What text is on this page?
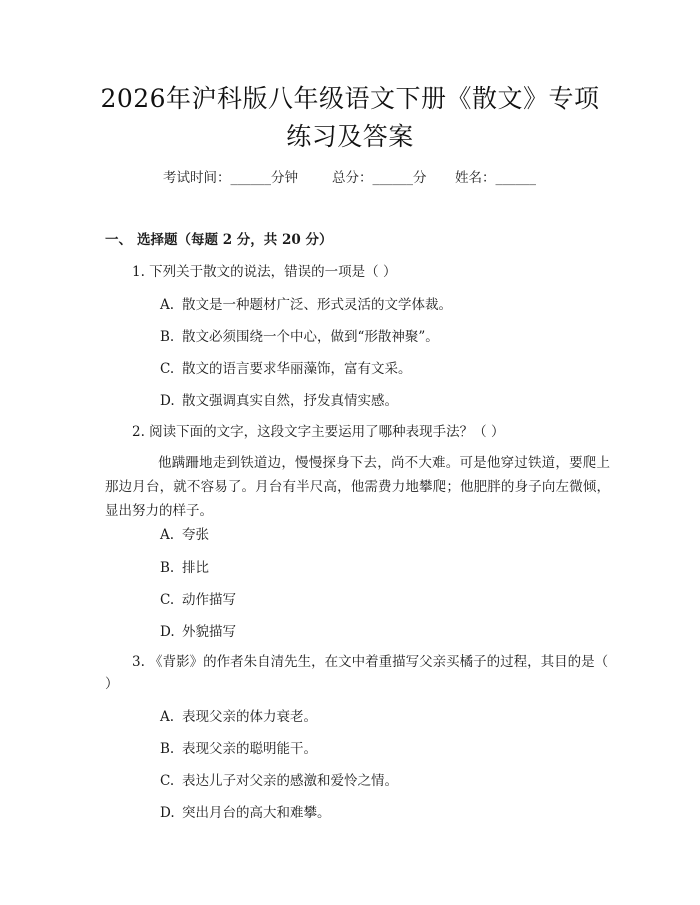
2026年沪科版八年级语文下册《散文》专项
练习及答案
考试时间：______分钟	总分：______分 姓名：______
一、 选择题（每题 2 分，共 20 分）
1. 下列关于散文的说法，错误的一项是（ ）
A. 散文是一种题材广泛、形式灵活的文学体裁。
B. 散文必须围绕一个中心，做到“形散神聚”。
C. 散文的语言要求华丽藻饰，富有文采。
D. 散文强调真实自然，抒发真情实感。
2. 阅读下面的文字，这段文字主要运用了哪种表现手法？（ ）
他蹒跚地走到铁道边，慢慢探身下去，尚不大难。可是他穿过铁道，要爬上那边月台，就不容易了。月台有半尺高，他需费力地攀爬；他肥胖的身子向左微倾，显出努力的样子。
A. 夸张
B. 排比
C. 动作描写
D. 外貌描写
3. 《背影》的作者朱自清先生，在文中着重描写父亲买橘子的过程，其目的是（ ）
A. 表现父亲的体力衰老。
B. 表现父亲的聪明能干。
C. 表达儿子对父亲的感激和爱怜之情。
D. 突出月台的高大和难攀。
